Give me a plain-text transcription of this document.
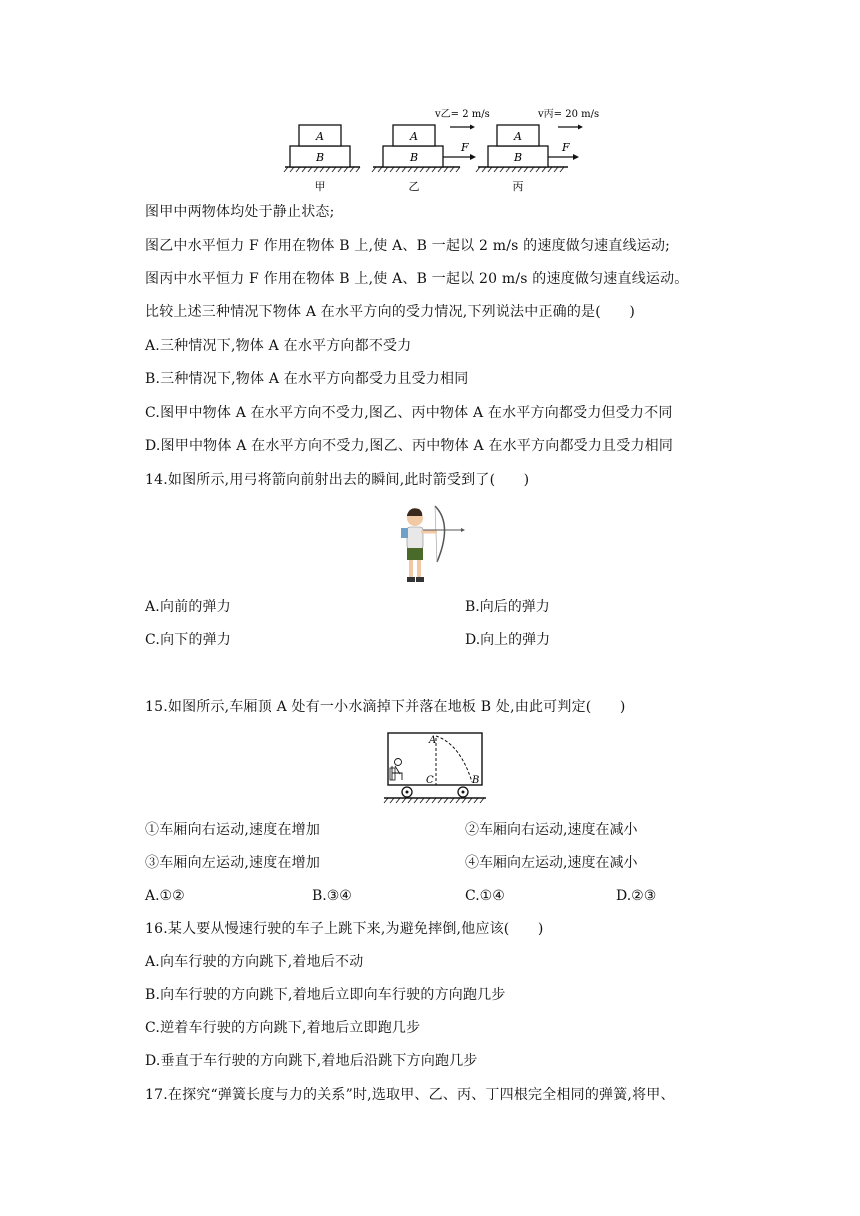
A
B
甲
A
B
F
v乙= 2 m/s
乙
A
B
F
v丙= 20 m/s
丙
图甲中两物体均处于静止状态;
图乙中水平恒力 F 作用在物体 B 上,使 A、B 一起以 2 m/s 的速度做匀速直线运动;
图丙中水平恒力 F 作用在物体 B 上,使 A、B 一起以 20 m/s 的速度做匀速直线运动。
比较上述三种情况下物体 A 在水平方向的受力情况,下列说法中正确的是(　　)
A.三种情况下,物体 A 在水平方向都不受力
B.三种情况下,物体 A 在水平方向都受力且受力相同
C.图甲中物体 A 在水平方向不受力,图乙、丙中物体 A 在水平方向都受力但受力不同
D.图甲中物体 A 在水平方向不受力,图乙、丙中物体 A 在水平方向都受力且受力相同
14.如图所示,用弓将箭向前射出去的瞬间,此时箭受到了(　　)
A.向前的弹力	B.向后的弹力
C.向下的弹力	D.向上的弹力
15.如图所示,车厢顶 A 处有一小水滴掉下并落在地板 B 处,由此可判定(　　)
A
C	B
①车厢向右运动,速度在增加	②车厢向右运动,速度在减小
③车厢向左运动,速度在增加	④车厢向左运动,速度在减小
A.①②	B.③④	C.①④	D.②③
16.某人要从慢速行驶的车子上跳下来,为避免摔倒,他应该(　　)
A.向车行驶的方向跳下,着地后不动
B.向车行驶的方向跳下,着地后立即向车行驶的方向跑几步
C.逆着车行驶的方向跳下,着地后立即跑几步
D.垂直于车行驶的方向跳下,着地后沿跳下方向跑几步
17.在探究“弹簧长度与力的关系”时,选取甲、乙、丙、丁四根完全相同的弹簧,将甲、
